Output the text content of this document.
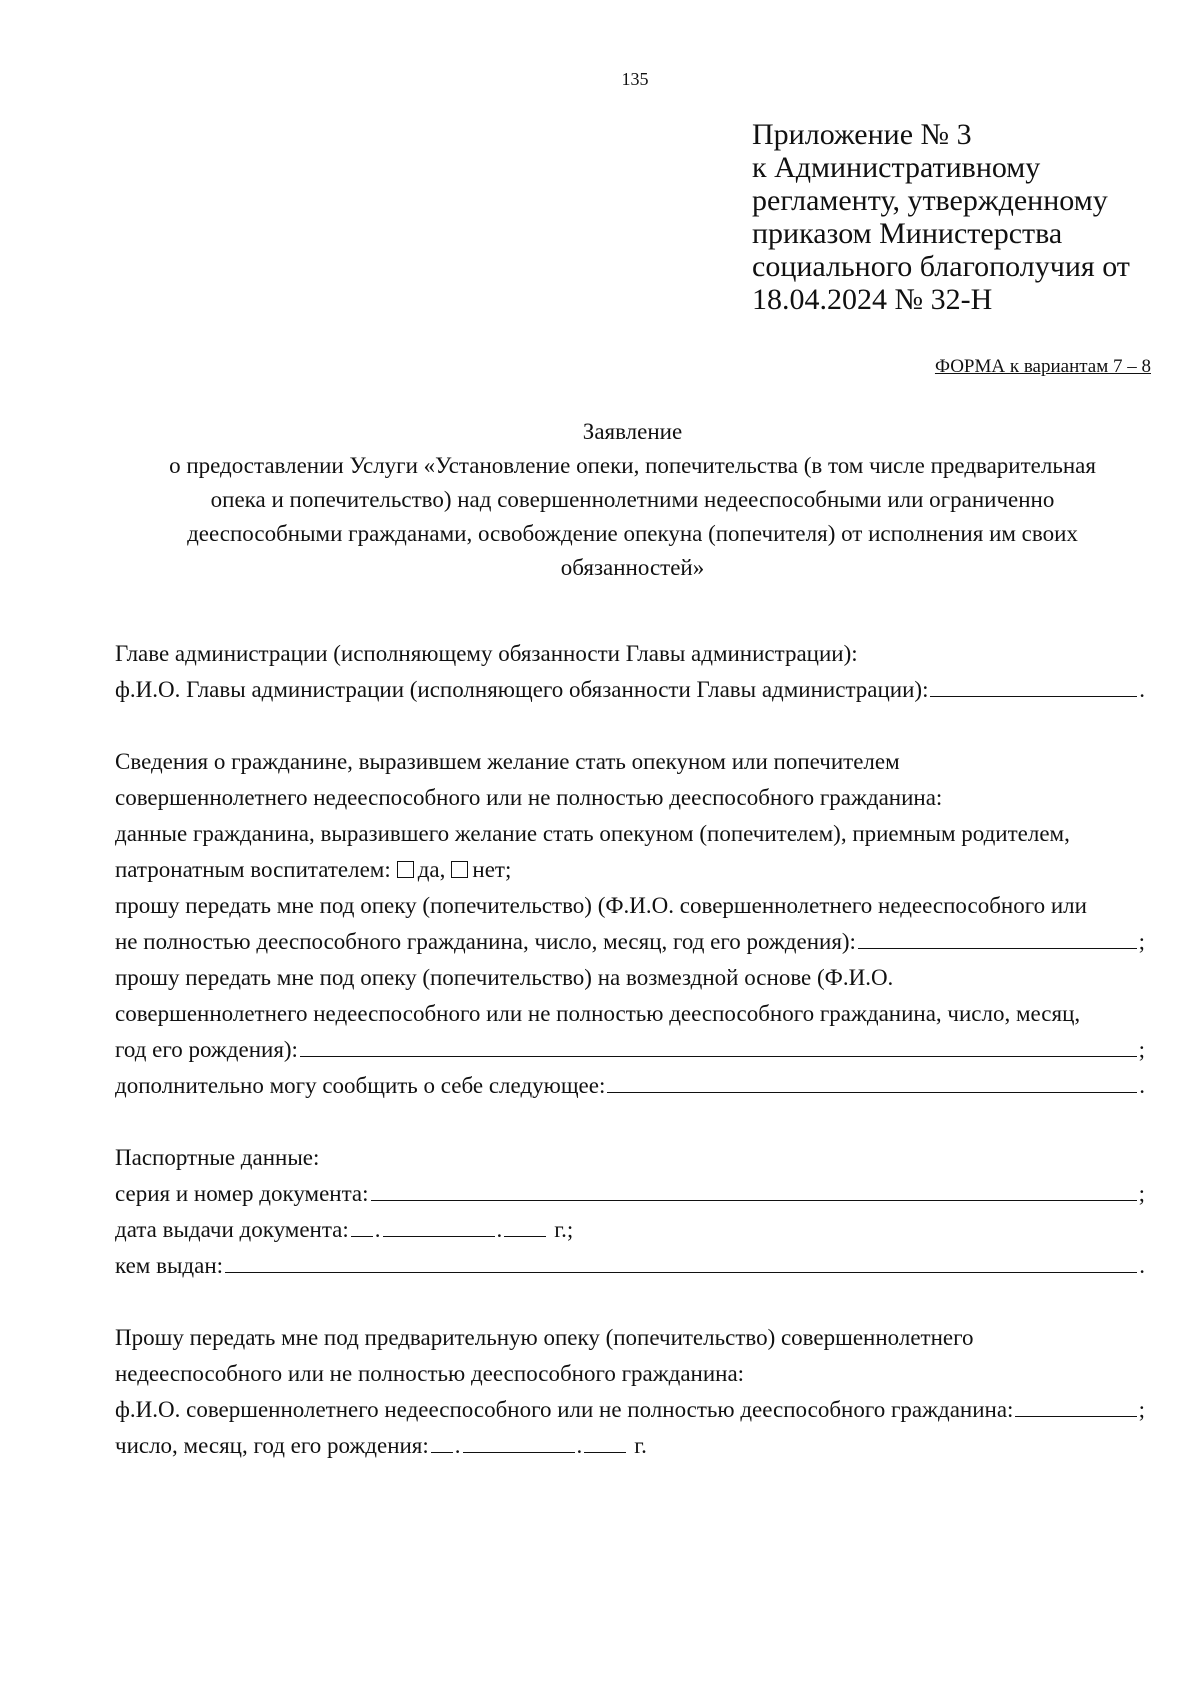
135
Приложение № 3
к Административному
регламенту, утвержденному
приказом Министерства
социального благополучия от
18.04.2024 № 32-Н
ФОРМА к вариантам 7 – 8
Заявление
о предоставлении Услуги «Установление опеки, попечительства (в том числе предварительная
опека и попечительство) над совершеннолетними недееспособными или ограниченно
дееспособными гражданами, освобождение опекуна (попечителя) от исполнения им своих
обязанностей»
Главе администрации (исполняющему обязанности Главы администрации):
ф.И.О. Главы администрации (исполняющего обязанности Главы администрации):	.
Сведения о гражданине, выразившем желание стать опекуном или попечителем
совершеннолетнего недееспособного или не полностью дееспособного гражданина:
данные гражданина, выразившего желание стать опекуном (попечителем), приемным родителем,
патронатным воспитателем: да, нет;
прошу передать мне под опеку (попечительство) (Ф.И.О. совершеннолетнего недееспособного или
не полностью дееспособного гражданина, число, месяц, год его рождения):	;
прошу передать мне под опеку (попечительство) на возмездной основе (Ф.И.О.
совершеннолетнего недееспособного или не полностью дееспособного гражданина, число, месяц,
год его рождения):	;
дополнительно могу сообщить о себе следующее:	.
Паспортные данные:
серия и номер документа:	;
дата выдачи документа: .	. г.;
кем выдан:	.
Прошу передать мне под предварительную опеку (попечительство) совершеннолетнего
недееспособного или не полностью дееспособного гражданина:
ф.И.О. совершеннолетнего недееспособного или не полностью дееспособного гражданина:	;
число, месяц, год его рождения: .	. г.
